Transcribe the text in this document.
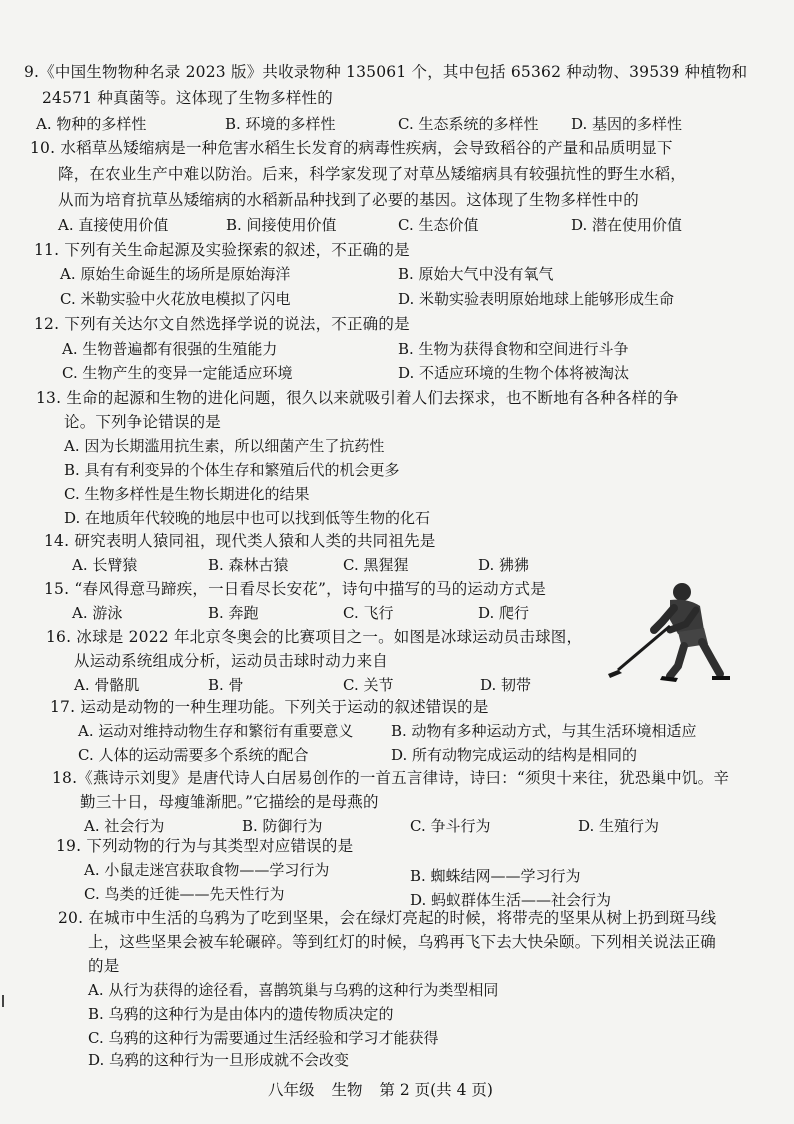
9.《中国生物物种名录 2023 版》共收录物种 135061 个，其中包括 65362 种动物、39539 种植物和
24571 种真菌等。这体现了生物多样性的
A. 物种的多样性	B. 环境的多样性	C. 生态系统的多样性 D. 基因的多样性
10. 水稻草丛矮缩病是一种危害水稻生长发育的病毒性疾病，会导致稻谷的产量和品质明显下
降，在农业生产中难以防治。后来，科学家发现了对草丛矮缩病具有较强抗性的野生水稻，
从而为培育抗草丛矮缩病的水稻新品种找到了必要的基因。这体现了生物多样性中的
A. 直接使用价值	B. 间接使用价值	C. 生态价值	D. 潜在使用价值
11. 下列有关生命起源及实验探索的叙述，不正确的是
A. 原始生命诞生的场所是原始海洋	B. 原始大气中没有氧气
C. 米勒实验中火花放电模拟了闪电	D. 米勒实验表明原始地球上能够形成生命
12. 下列有关达尔文自然选择学说的说法，不正确的是
A. 生物普遍都有很强的生殖能力	B. 生物为获得食物和空间进行斗争
C. 生物产生的变异一定能适应环境	D. 不适应环境的生物个体将被淘汰
13. 生命的起源和生物的进化问题，很久以来就吸引着人们去探求，也不断地有各种各样的争
论。下列争论错误的是
A. 因为长期滥用抗生素，所以细菌产生了抗药性
B. 具有有利变异的个体生存和繁殖后代的机会更多
C. 生物多样性是生物长期进化的结果
D. 在地质年代较晚的地层中也可以找到低等生物的化石
14. 研究表明人猿同祖，现代类人猿和人类的共同祖先是
A. 长臂猿	B. 森林古猿	C. 黑猩猩	D. 狒狒
15. “春风得意马蹄疾，一日看尽长安花”，诗句中描写的马的运动方式是
A. 游泳	B. 奔跑	C. 飞行	D. 爬行
16. 冰球是 2022 年北京冬奥会的比赛项目之一。如图是冰球运动员击球图，
从运动系统组成分析，运动员击球时动力来自
A. 骨骼肌	B. 骨	C. 关节	D. 韧带
17. 运动是动物的一种生理功能。下列关于运动的叙述错误的是
A. 运动对维持动物生存和繁衍有重要意义	B. 动物有多种运动方式，与其生活环境相适应
C. 人体的运动需要多个系统的配合	D. 所有动物完成运动的结构是相同的
18.《燕诗示刘叟》是唐代诗人白居易创作的一首五言律诗，诗曰：“须臾十来往，犹恐巢中饥。辛
勤三十日，母瘦雏渐肥。”它描绘的是母燕的
A. 社会行为	B. 防御行为	C. 争斗行为	D. 生殖行为
19. 下列动物的行为与其类型对应错误的是
A. 小鼠走迷宫获取食物——学习行为	B. 蜘蛛结网——学习行为
C. 鸟类的迁徙——先天性行为	D. 蚂蚁群体生活——社会行为
20. 在城市中生活的乌鸦为了吃到坚果，会在绿灯亮起的时候，将带壳的坚果从树上扔到斑马线
上，这些坚果会被车轮碾碎。等到红灯的时候，乌鸦再飞下去大快朵颐。下列相关说法正确
的是
A. 从行为获得的途径看，喜鹊筑巢与乌鸦的这种行为类型相同
B. 乌鸦的这种行为是由体内的遗传物质决定的
C. 乌鸦的这种行为需要通过生活经验和学习才能获得
D. 乌鸦的这种行为一旦形成就不会改变
八年级 生物 第 2 页(共 4 页)
